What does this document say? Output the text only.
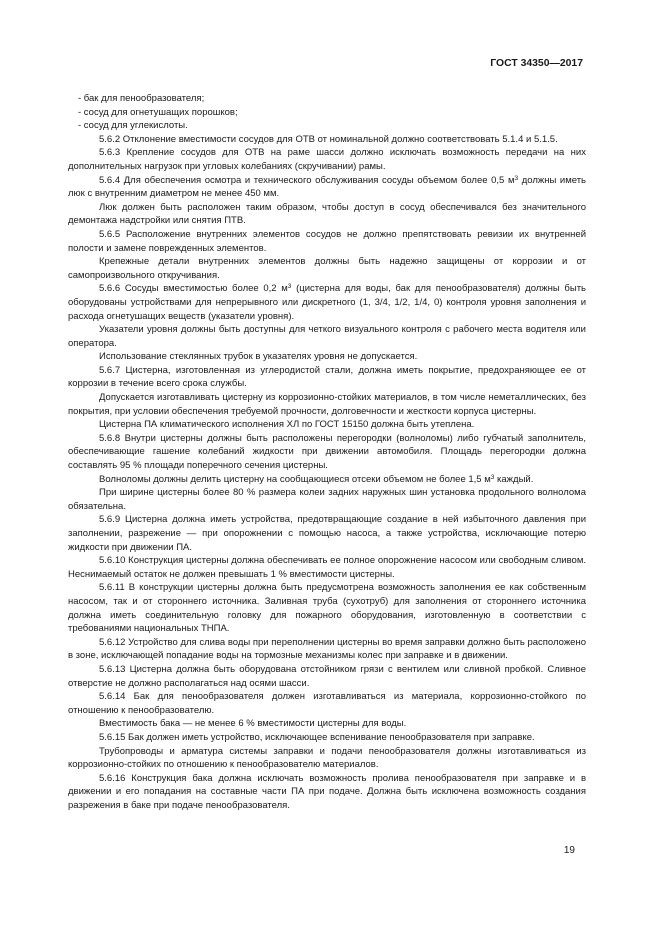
ГОСТ 34350—2017

- бак для пенообразователя;

- сосуд для огнетушащих порошков;

- сосуд для углекислоты.

5.6.2 Отклонение вместимости сосудов для ОТВ от номинальной должно соответствовать 5.1.4 и 5.1.5.

5.6.3 Крепление сосудов для ОТВ на раме шасси должно исключать возможность передачи на них дополнительных нагрузок при угловых колебаниях (скручивании) рамы.

5.6.4 Для обеспечения осмотра и технического обслуживания сосуды объемом более 0,5 $м^3$ должны иметь люк с внутренним диаметром не менее 450 мм.

Люк должен быть расположен таким образом, чтобы доступ в сосуд обеспечивался без значительного демонтажа надстройки или снятия ПТВ.

5.6.5 Расположение внутренних элементов сосудов не должно препятствовать ревизии их внутренней полости и замене поврежденных элементов.

Крепежные детали внутренних элементов должны быть надежно защищены от коррозии и от самопроизвольного откручивания.

5.6.6 Сосуды вместимостью более 0,2 $м^3$ (цистерна для воды, бак для пенообразователя) должны быть оборудованы устройствами для непрерывного или дискретного (1, 3/4, 1/2, 1/4, 0) контроля уровня заполнения и расхода огнетушащих веществ (указатели уровня).

Указатели уровня должны быть доступны для четкого визуального контроля с рабочего места водителя или оператора.

Использование стеклянных трубок в указателях уровня не допускается.

5.6.7 Цистерна, изготовленная из углеродистой стали, должна иметь покрытие, предохраняющее ее от коррозии в течение всего срока службы.

Допускается изготавливать цистерну из коррозионно-стойких материалов, в том числе неметаллических, без покрытия, при условии обеспечения требуемой прочности, долговечности и жесткости корпуса цистерны.

Цистерна ПА климатического исполнения ХЛ по ГОСТ 15150 должна быть утеплена.

5.6.8 Внутри цистерны должны быть расположены перегородки (волноломы) либо губчатый заполнитель, обеспечивающие гашение колебаний жидкости при движении автомобиля. Площадь перегородки должна составлять 95 % площади поперечного сечения цистерны.

Волноломы должны делить цистерну на сообщающиеся отсеки объемом не более 1,5 $м^3$ каждый.

При ширине цистерны более 80 % размера колеи задних наружных шин установка продольного волнолома обязательна.

5.6.9 Цистерна должна иметь устройства, предотвращающие создание в ней избыточного давления при заполнении, разрежение — при опорожнении с помощью насоса, а также устройства, исключающие потерю жидкости при движении ПА.

5.6.10 Конструкция цистерны должна обеспечивать ее полное опорожнение насосом или свободным сливом. Неснимаемый остаток не должен превышать 1 % вместимости цистерны.

5.6.11 В конструкции цистерны должна быть предусмотрена возможность заполнения ее как собственным насосом, так и от стороннего источника. Заливная труба (сухотруб) для заполнения от стороннего источника должна иметь соединительную головку для пожарного оборудования, изготовленную в соответствии с требованиями национальных ТНПА.

5.6.12 Устройство для слива воды при переполнении цистерны во время заправки должно быть расположено в зоне, исключающей попадание воды на тормозные механизмы колес при заправке и в движении.

5.6.13 Цистерна должна быть оборудована отстойником грязи с вентилем или сливной пробкой. Сливное отверстие не должно располагаться над осями шасси.

5.6.14 Бак для пенообразователя должен изготавливаться из материала, коррозионно-стойкого по отношению к пенообразователю.

Вместимость бака — не менее 6 % вместимости цистерны для воды.

5.6.15 Бак должен иметь устройство, исключающее вспенивание пенообразователя при заправке.

Трубопроводы и арматура системы заправки и подачи пенообразователя должны изготавливаться из коррозионно-стойких по отношению к пенообразователю материалов.

5.6.16 Конструкция бака должна исключать возможность пролива пенообразователя при заправке и в движении и его попадания на составные части ПА при подаче. Должна быть исключена возможность создания разрежения в баке при подаче пенообразователя.

19
